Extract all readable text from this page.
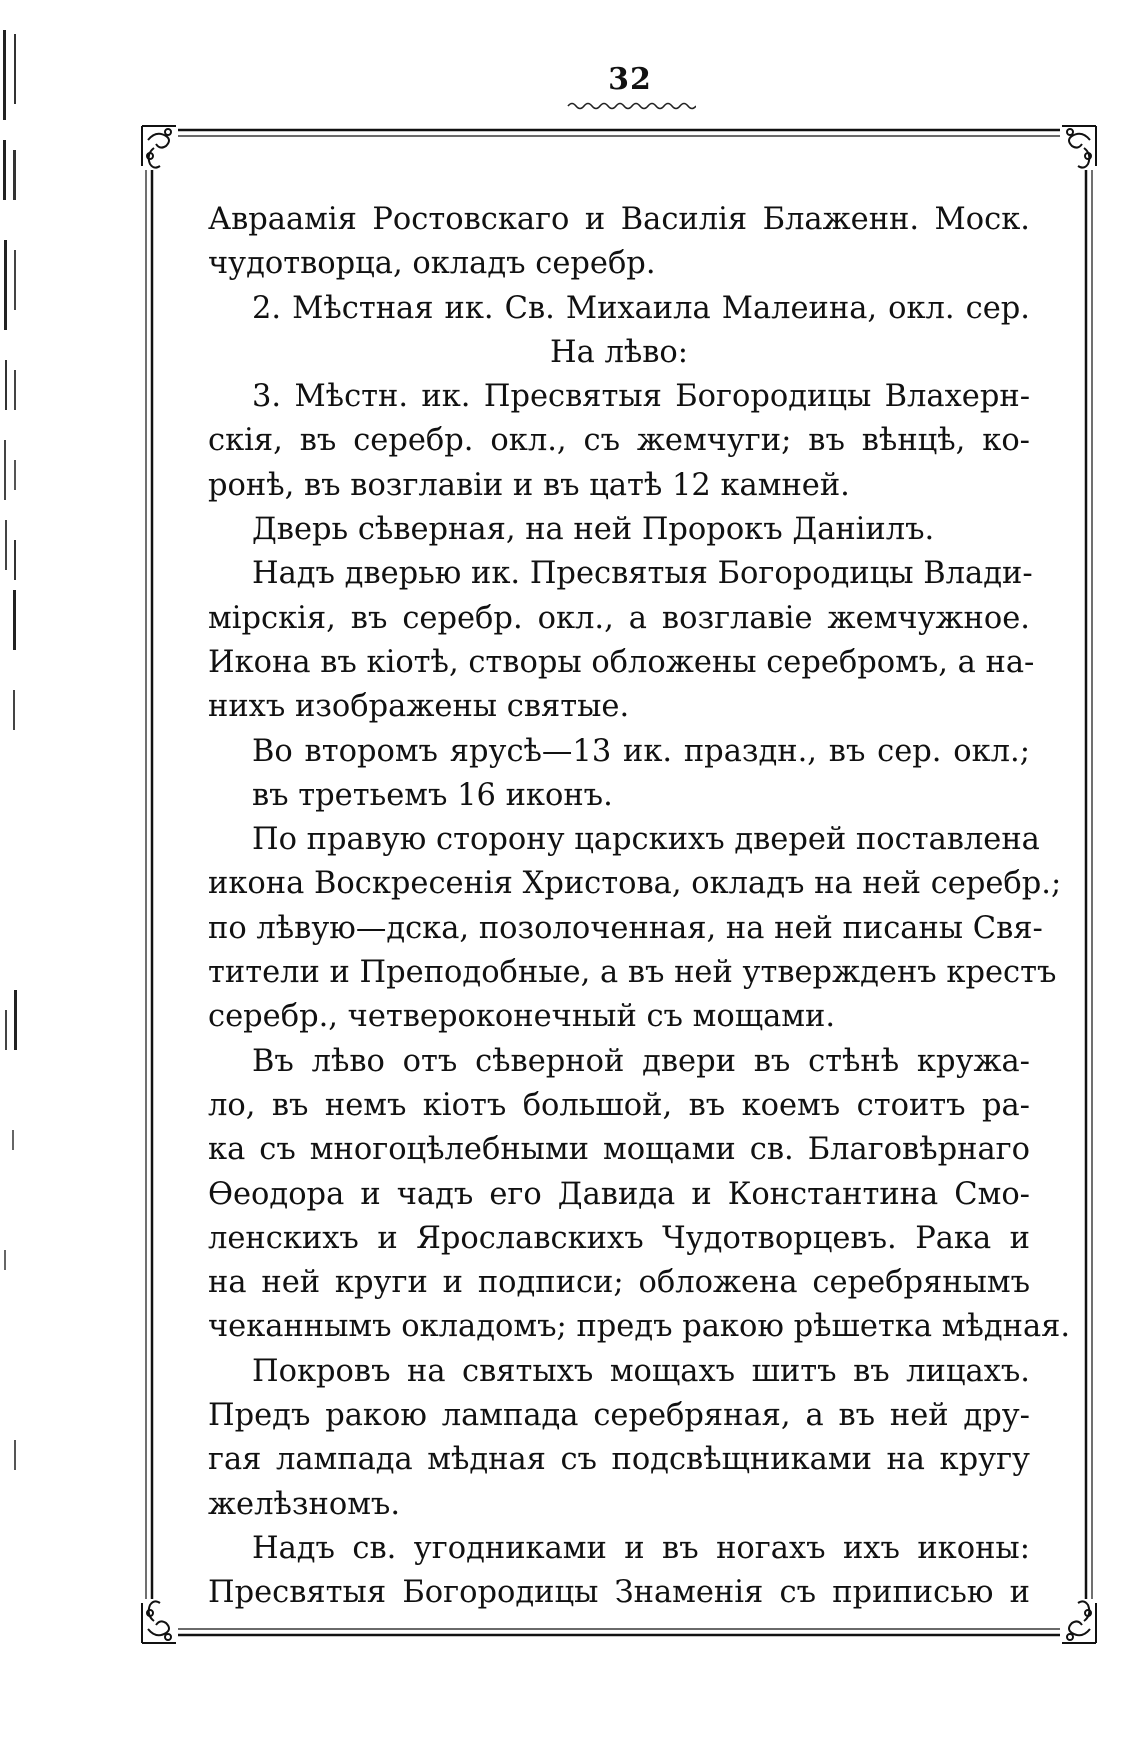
32
Авраамія Ростовскаго и Василія Блаженн. Моск.
чудотворца, окладъ серебр.
2. Мѣстная ик. Св. Михаила Малеина, окл. сер.
На лѣво:
3. Мѣстн. ик. Пресвятыя Богородицы Влахерн-
скія, въ серебр. окл., съ жемчуги; въ вѣнцѣ, ко-
ронѣ, въ возглавіи и въ цатѣ 12 камней.
Дверь сѣверная, на ней Пророкъ Даніилъ.
Надъ дверью ик. Пресвятыя Богородицы Влади-
мірскія, въ серебр. окл., а возглавіе жемчужное.
Икона въ кіотѣ, створы обложены серебромъ, а на-
нихъ изображены святые.
Во второмъ ярусѣ—13 ик. праздн., въ сер. окл.;
въ третьемъ 16 иконъ.
По правую сторону царскихъ дверей поставлена
икона Воскресенія Христова, окладъ на ней серебр.;
по лѣвую—дска, позолоченная, на ней писаны Свя-
тители и Преподобные, а въ ней утвержденъ крестъ
серебр., четвероконечный съ мощами.
Въ лѣво отъ сѣверной двери въ стѣнѣ кружа-
ло, въ немъ кіотъ большой, въ коемъ стоитъ ра-
ка съ многоцѣлебными мощами св. Благовѣрнаго
Ѳеодора и чадъ его Давида и Константина Смо-
ленскихъ и Ярославскихъ Чудотворцевъ. Рака и
на ней круги и подписи; обложена серебрянымъ
чеканнымъ окладомъ; предъ ракою рѣшетка мѣдная.
Покровъ на святыхъ мощахъ шитъ въ лицахъ.
Предъ ракою лампада серебряная, а въ ней дру-
гая лампада мѣдная съ подсвѣщниками на кругу
желѣзномъ.
Надъ св. угодниками и въ ногахъ ихъ иконы:
Пресвятыя Богородицы Знаменія съ приписью и
